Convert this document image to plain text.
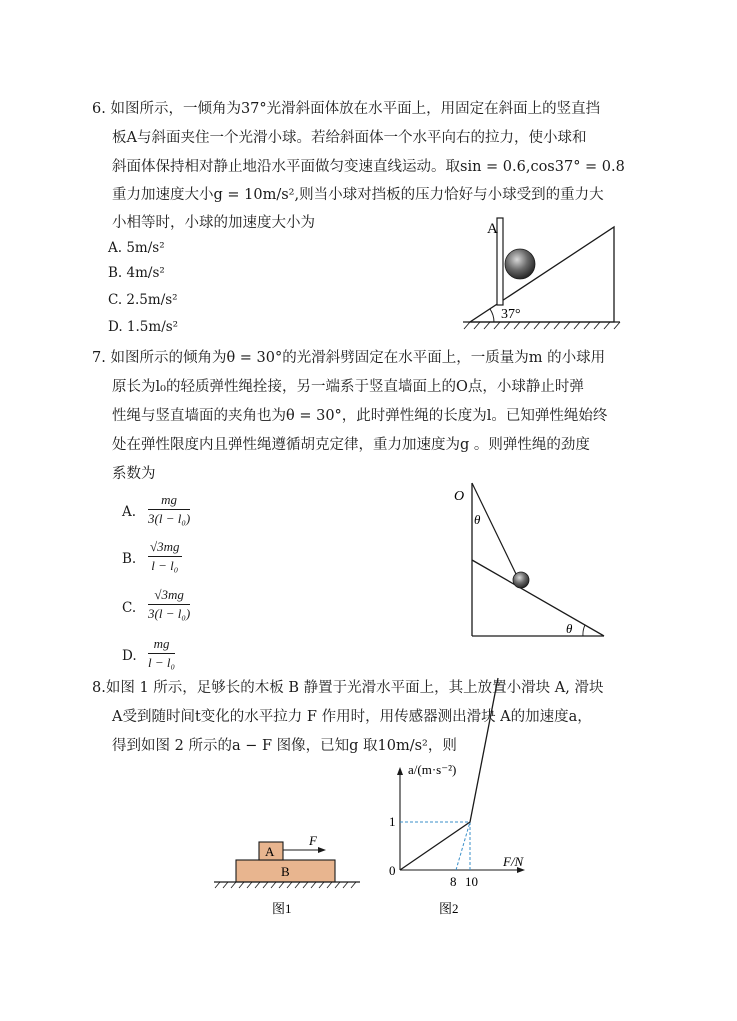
6. 如图所示，一倾角为37°光滑斜面体放在水平面上，用固定在斜面上的竖直挡
板A与斜面夹住一个光滑小球。若给斜面体一个水平向右的拉力，使小球和
斜面体保持相对静止地沿水平面做匀变速直线运动。取sin = 0.6,cos37° = 0.8
重力加速度大小g = 10m/s²,则当小球对挡板的压力恰好与小球受到的重力大
小相等时，小球的加速度大小为
A. 5m/s²
B. 4m/s²
C. 2.5m/s²
D. 1.5m/s²
A
37°
7. 如图所示的倾角为θ = 30°的光滑斜劈固定在水平面上，一质量为m 的小球用
原长为l₀的轻质弹性绳拴接，另一端系于竖直墙面上的O点，小球静止时弹
性绳与竖直墙面的夹角也为θ = 30°，此时弹性绳的长度为l。已知弹性绳始终
处在弹性限度内且弹性绳遵循胡克定律，重力加速度为g 。则弹性绳的劲度
系数为
A. $\frac{mg}{\text{3(l − l₀)}}$
B. $\frac{√3mg}{\text{l − l₀}}$
C. $\frac{√3mg}{\text{3(l − l₀)}}$
D. $\frac{mg}{\text{l − l₀}}$
O
θ
θ
8.如图 1 所示，足够长的木板 B 静置于光滑水平面上，其上放置小滑块 A, 滑块
A受到随时间t变化的水平拉力 F 作用时，用传感器测出滑块 A的加速度a，
得到如图 2 所示的a − F 图像，已知g 取10m/s²，则
A
B
F
图1
a/(m·s⁻²)
F/N
0
1
8 10
图2
